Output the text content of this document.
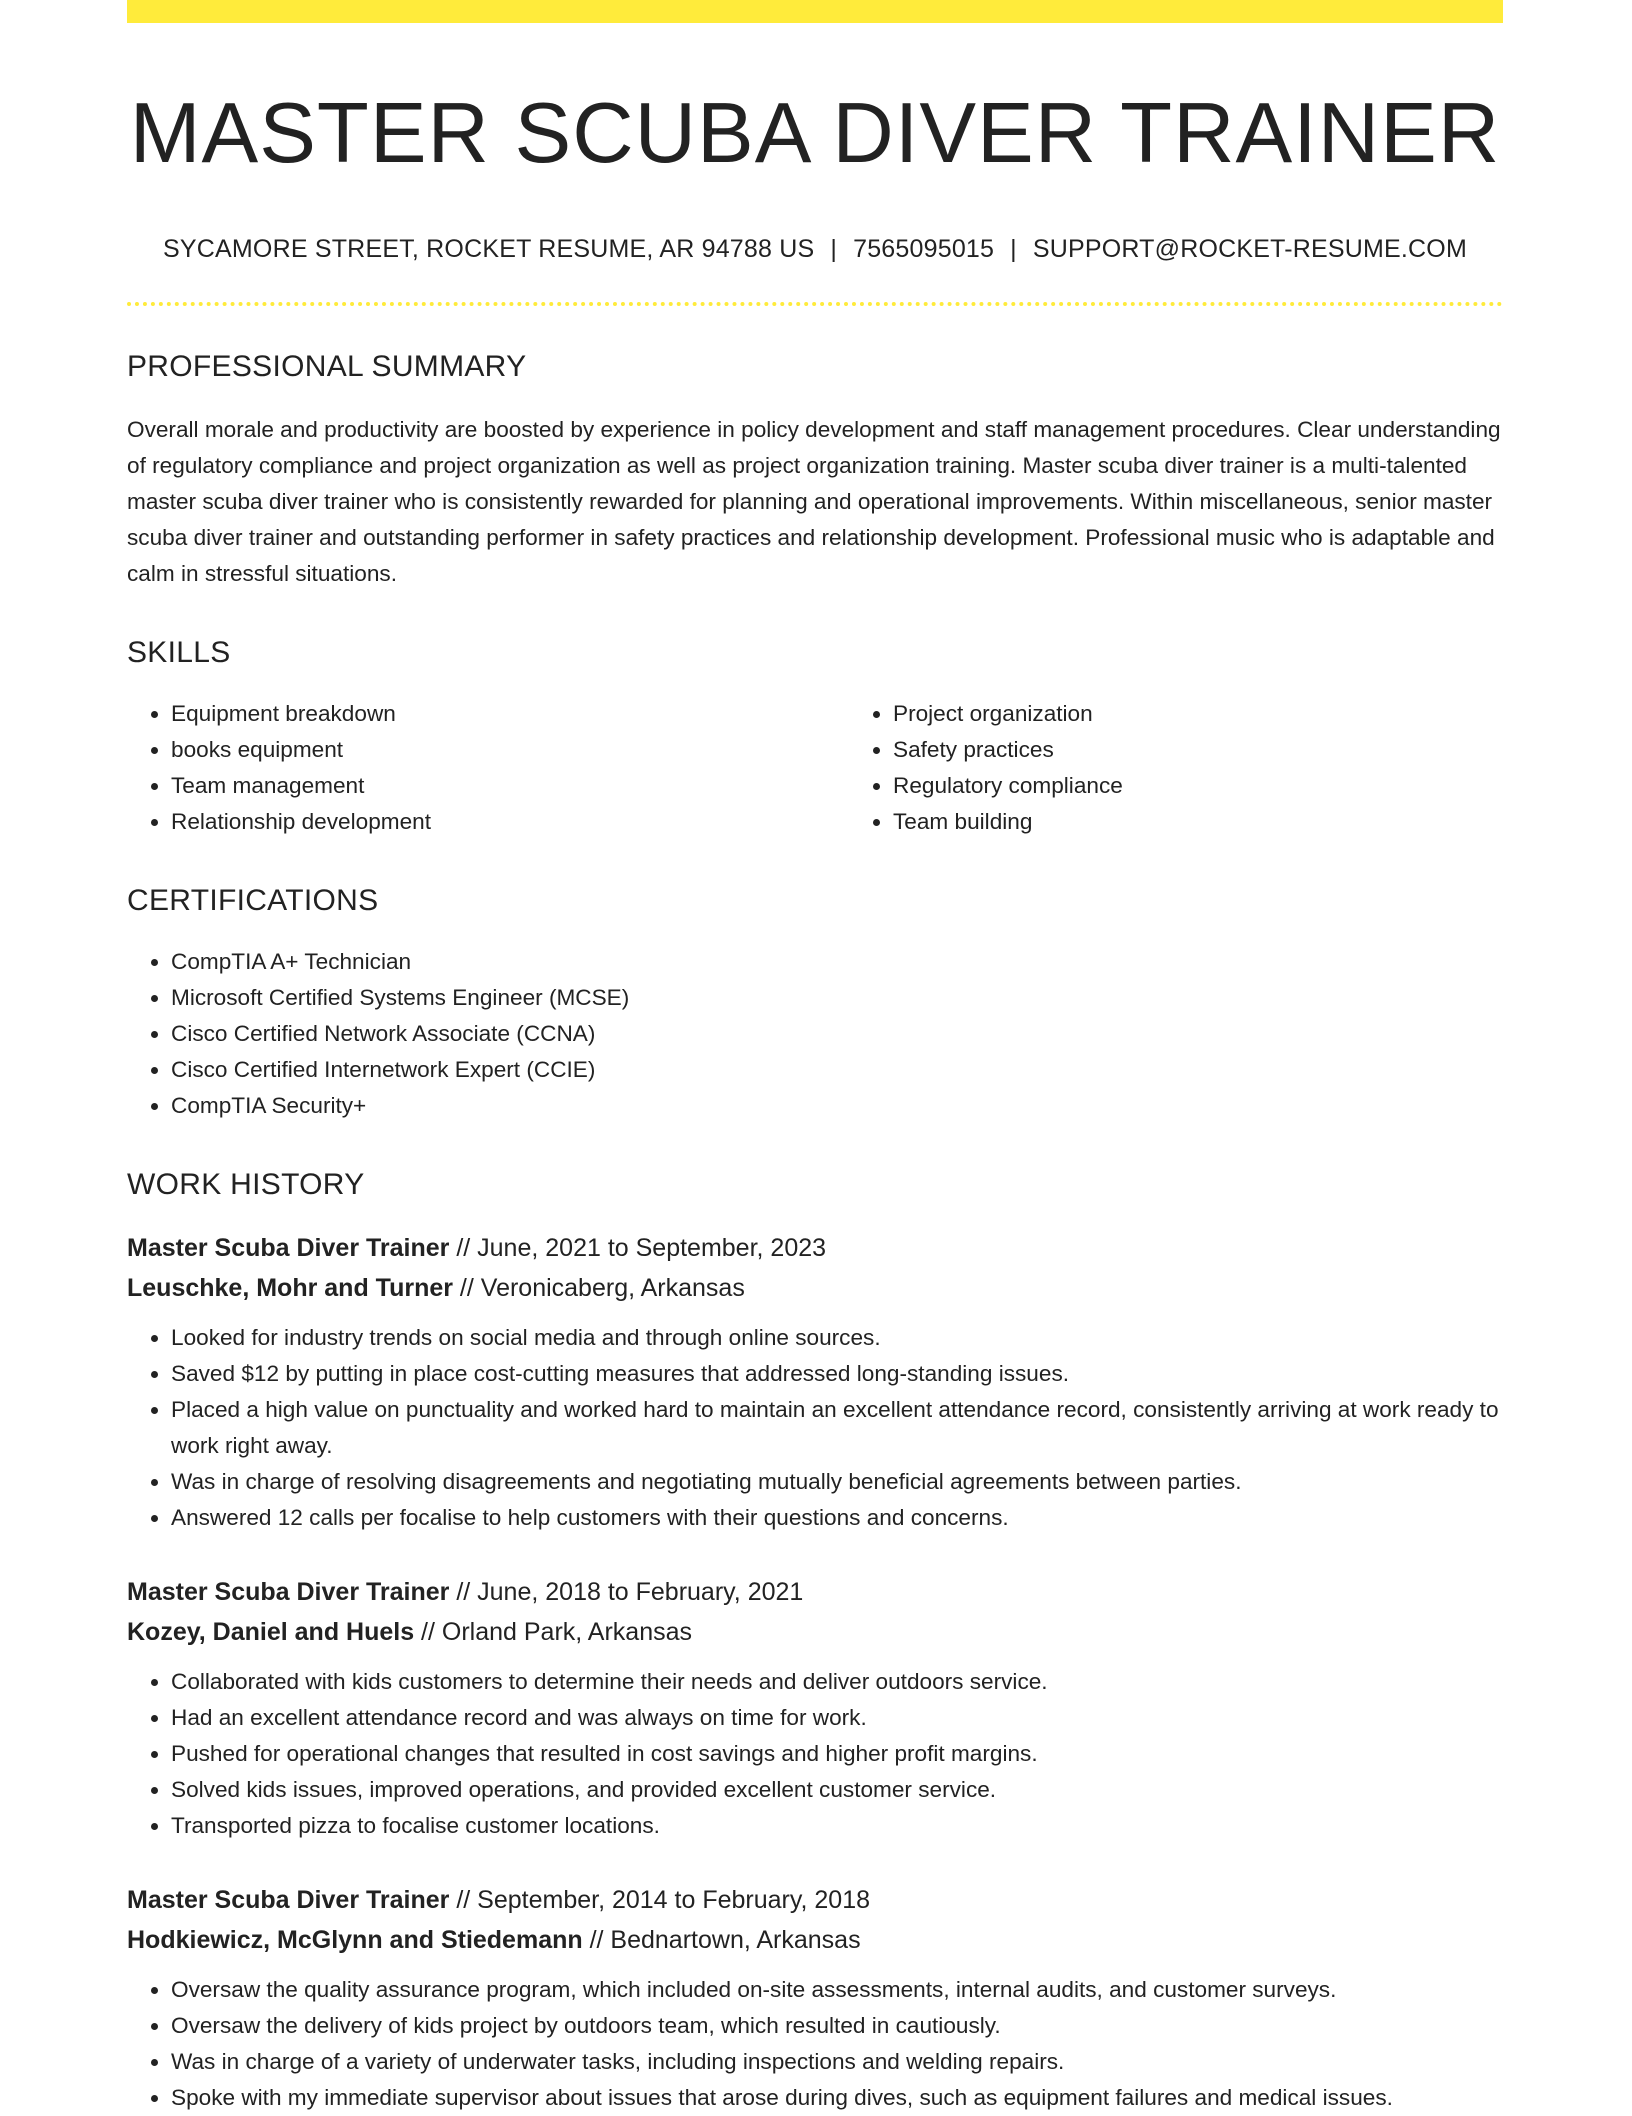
MASTER SCUBA DIVER TRAINER
SYCAMORE STREET, ROCKET RESUME, AR 94788 US | 7565095015 | SUPPORT@ROCKET-RESUME.COM
PROFESSIONAL SUMMARY

Overall morale and productivity are boosted by experience in policy development and staff management procedures. Clear understanding of regulatory compliance and project organization as well as project organization training. Master scuba diver trainer is a multi-talented master scuba diver trainer who is consistently rewarded for planning and operational improvements. Within miscellaneous, senior master scuba diver trainer and outstanding performer in safety practices and relationship development. Professional music who is adaptable and calm in stressful situations.

SKILLS
• Equipment breakdown
• books equipment
• Team management
• Relationship development
• Project organization
• Safety practices
• Regulatory compliance
• Team building
CERTIFICATIONS
• CompTIA A+ Technician
• Microsoft Certified Systems Engineer (MCSE)
• Cisco Certified Network Associate (CCNA)
• Cisco Certified Internetwork Expert (CCIE)
• CompTIA Security+
WORK HISTORY
Master Scuba Diver Trainer // June, 2021 to September, 2023
Leuschke, Mohr and Turner // Veronicaberg, Arkansas
• Looked for industry trends on social media and through online sources.
• Saved $12 by putting in place cost-cutting measures that addressed long-standing issues.
• Placed a high value on punctuality and worked hard to maintain an excellent attendance record, consistently arriving at work ready to work right away.
• Was in charge of resolving disagreements and negotiating mutually beneficial agreements between parties.
• Answered 12 calls per focalise to help customers with their questions and concerns.
Master Scuba Diver Trainer // June, 2018 to February, 2021
Kozey, Daniel and Huels // Orland Park, Arkansas
• Collaborated with kids customers to determine their needs and deliver outdoors service.
• Had an excellent attendance record and was always on time for work.
• Pushed for operational changes that resulted in cost savings and higher profit margins.
• Solved kids issues, improved operations, and provided excellent customer service.
• Transported pizza to focalise customer locations.
Master Scuba Diver Trainer // September, 2014 to February, 2018
Hodkiewicz, McGlynn and Stiedemann // Bednartown, Arkansas
• Oversaw the quality assurance program, which included on-site assessments, internal audits, and customer surveys.
• Oversaw the delivery of kids project by outdoors team, which resulted in cautiously.
• Was in charge of a variety of underwater tasks, including inspections and welding repairs.
• Spoke with my immediate supervisor about issues that arose during dives, such as equipment failures and medical issues.
